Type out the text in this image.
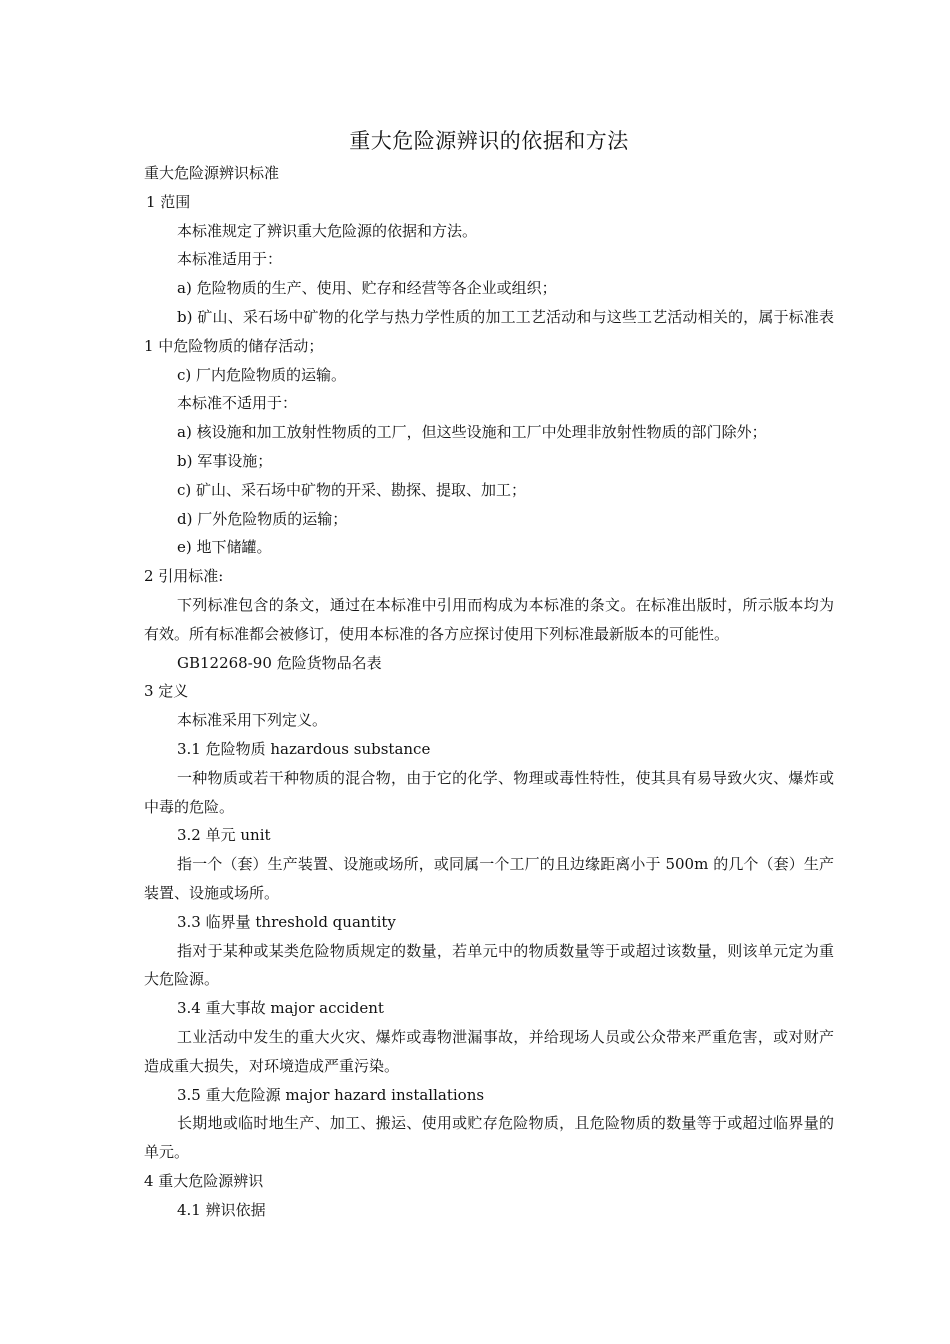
重大危险源辨识的依据和方法

重大危险源辨识标准

1 范围

本标准规定了辨识重大危险源的依据和方法。

本标准适用于：

a) 危险物质的生产、使用、贮存和经营等各企业或组织；

b) 矿山、采石场中矿物的化学与热力学性质的加工工艺活动和与这些工艺活动相关的，属于标准表 1 中危险物质的储存活动；

c) 厂内危险物质的运输。

本标准不适用于：

a) 核设施和加工放射性物质的工厂，但这些设施和工厂中处理非放射性物质的部门除外；

b) 军事设施；

c) 矿山、采石场中矿物的开采、勘探、提取、加工；

d) 厂外危险物质的运输；

e) 地下储罐。

2 引用标准:

下列标准包含的条文，通过在本标准中引用而构成为本标准的条文。在标准出版时，所示版本均为有效。所有标准都会被修订，使用本标准的各方应探讨使用下列标准最新版本的可能性。

GB12268-90 危险货物品名表

3 定义

本标准采用下列定义。

3.1 危险物质 hazardous substance

一种物质或若干种物质的混合物，由于它的化学、物理或毒性特性，使其具有易导致火灾、爆炸或中毒的危险。

3.2 单元 unit

指一个（套）生产装置、设施或场所，或同属一个工厂的且边缘距离小于 500m 的几个（套）生产装置、设施或场所。

3.3 临界量 threshold quantity

指对于某种或某类危险物质规定的数量，若单元中的物质数量等于或超过该数量，则该单元定为重大危险源。

3.4 重大事故 major accident

工业活动中发生的重大火灾、爆炸或毒物泄漏事故，并给现场人员或公众带来严重危害，或对财产造成重大损失，对环境造成严重污染。

3.5 重大危险源 major hazard installations

长期地或临时地生产、加工、搬运、使用或贮存危险物质，且危险物质的数量等于或超过临界量的单元。

4 重大危险源辨识

4.1 辨识依据
